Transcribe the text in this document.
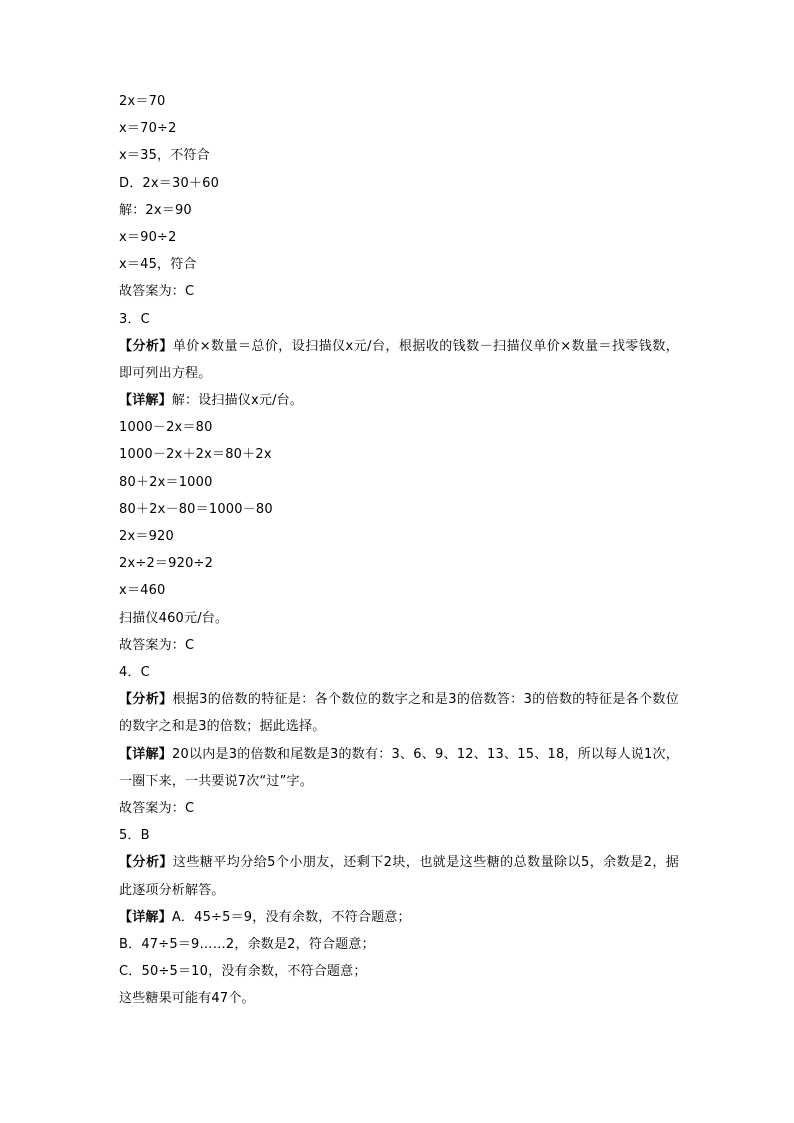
2x＝70
x＝70÷2
x＝35，不符合
D．2x＝30＋60
解：2x＝90
x＝90÷2
x＝45，符合
故答案为：C
3．C
【分析】单价×数量＝总价，设扫描仪x元/台，根据收的钱数－扫描仪单价×数量＝找零钱数，即可列出方程。
【详解】解：设扫描仪x元/台。
1000－2x＝80
1000－2x＋2x＝80＋2x
80＋2x＝1000
80＋2x－80＝1000－80
2x＝920
2x÷2＝920÷2
x＝460
扫描仪460元/台。
故答案为：C
4．C
【分析】根据3的倍数的特征是：各个数位的数字之和是3的倍数答：3的倍数的特征是各个数位的数字之和是3的倍数；据此选择。
【详解】20以内是3的倍数和尾数是3的数有：3、6、9、12、13、15、18，所以每人说1次，一圈下来，一共要说7次“过”字。
故答案为：C
5．B
【分析】这些糖平均分给5个小朋友，还剩下2块，也就是这些糖的总数量除以5，余数是2，据此逐项分析解答。
【详解】A．45÷5＝9，没有余数，不符合题意；
B．47÷5＝9……2，余数是2，符合题意；
C．50÷5＝10，没有余数，不符合题意；
这些糖果可能有47个。
